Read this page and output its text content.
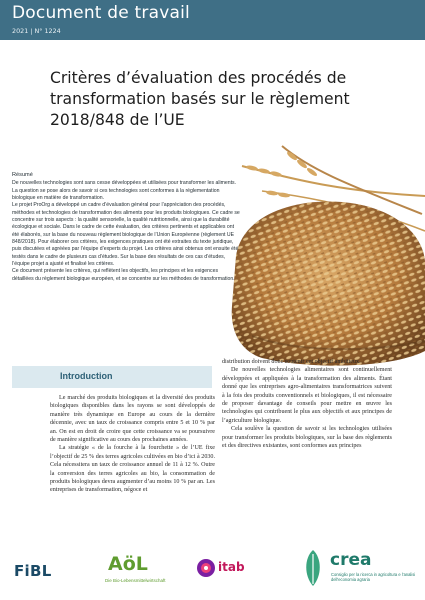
Document de travail
2021 | N° 1224
Critères d’évaluation des procédés de transformation basés sur le règlement 2018/848 de l’UE
Résumé

De nouvelles technologies sont sans cesse développées et utilisées pour transformer les aliments. La question se pose alors de savoir si ces technologies sont conformes à la réglementation biologique en matière de transformation.

Le projet ProOrg a développé un cadre d’évaluation général pour l’appréciation des procédés, méthodes et technologies de transformation des aliments pour les produits biologiques. Ce cadre se concentre sur trois aspects : la qualité sensorielle, la qualité nutritionnelle, ainsi que la durabilité écologique et sociale. Dans le cadre de cette évaluation, des critères pertinents et applicables ont été élaborés, sur la base du nouveau règlement biologique de l’Union Européenne (règlement UE 848/2018). Pour élaborer ces critères, les exigences pratiques ont été extraites du texte juridique, puis discutées et agréées par l’équipe d’experts du projet. Les critères ainsi obtenus ont ensuite été testés dans le cadre de plusieurs cas d’études. Sur la base des résultats de ces cas d’études, l’équipe projet a ajusté et finalisé les critères.

Ce document présente les critères, qui reflètent les objectifs, les principes et les exigences détaillées du règlement biologique européen, et se concentre sur les méthodes de transformation.

Introduction

Le marché des produits biologiques et la diversité des produits biologiques disponibles dans les rayons se sont développés de manière très dynamique en Europe au cours de la dernière décennie, avec un taux de croissance compris entre 5 et 10 % par an. On est en droit de croire que cette croissance va se poursuivre de manière significative au cours des prochaines années.

La stratégie « de la fourche à la fourchette » de l’UE fixe l’objectif de 25 % des terres agricoles cultivées en bio d’ici à 2030. Cela nécessitera un taux de croissance annuel de 11 à 12 %. Outre la conversion des terres agricoles au bio, la consommation de produits biologiques devra augmenter d’au moins 10 % par an. Les entreprises de transformation, négoce et

distribution doivent donc soutenir cet objectif ambitieux.

De nouvelles technologies alimentaires sont continuellement développées et appliquées à la transformation des aliments. Étant donné que les entreprises agro-alimentaires transformatrices suivent à la fois des produits conventionnels et biologiques, il est nécessaire de proposer davantage de conseils pour mettre en œuvre les technologies qui contribuent le plus aux objectifs et aux principes de l’agriculture biologique.

Cela soulève la question de savoir si les technologies utilisées pour transformer les produits biologiques, sur la base des règlements et des directives existantes, sont conformes aux principes

FiBL	AöL
Die Bio-Lebensmittelwirtschaft
itab	crea
Consiglio per la ricerca in agricoltura e l’analisi dell’economia agraria
